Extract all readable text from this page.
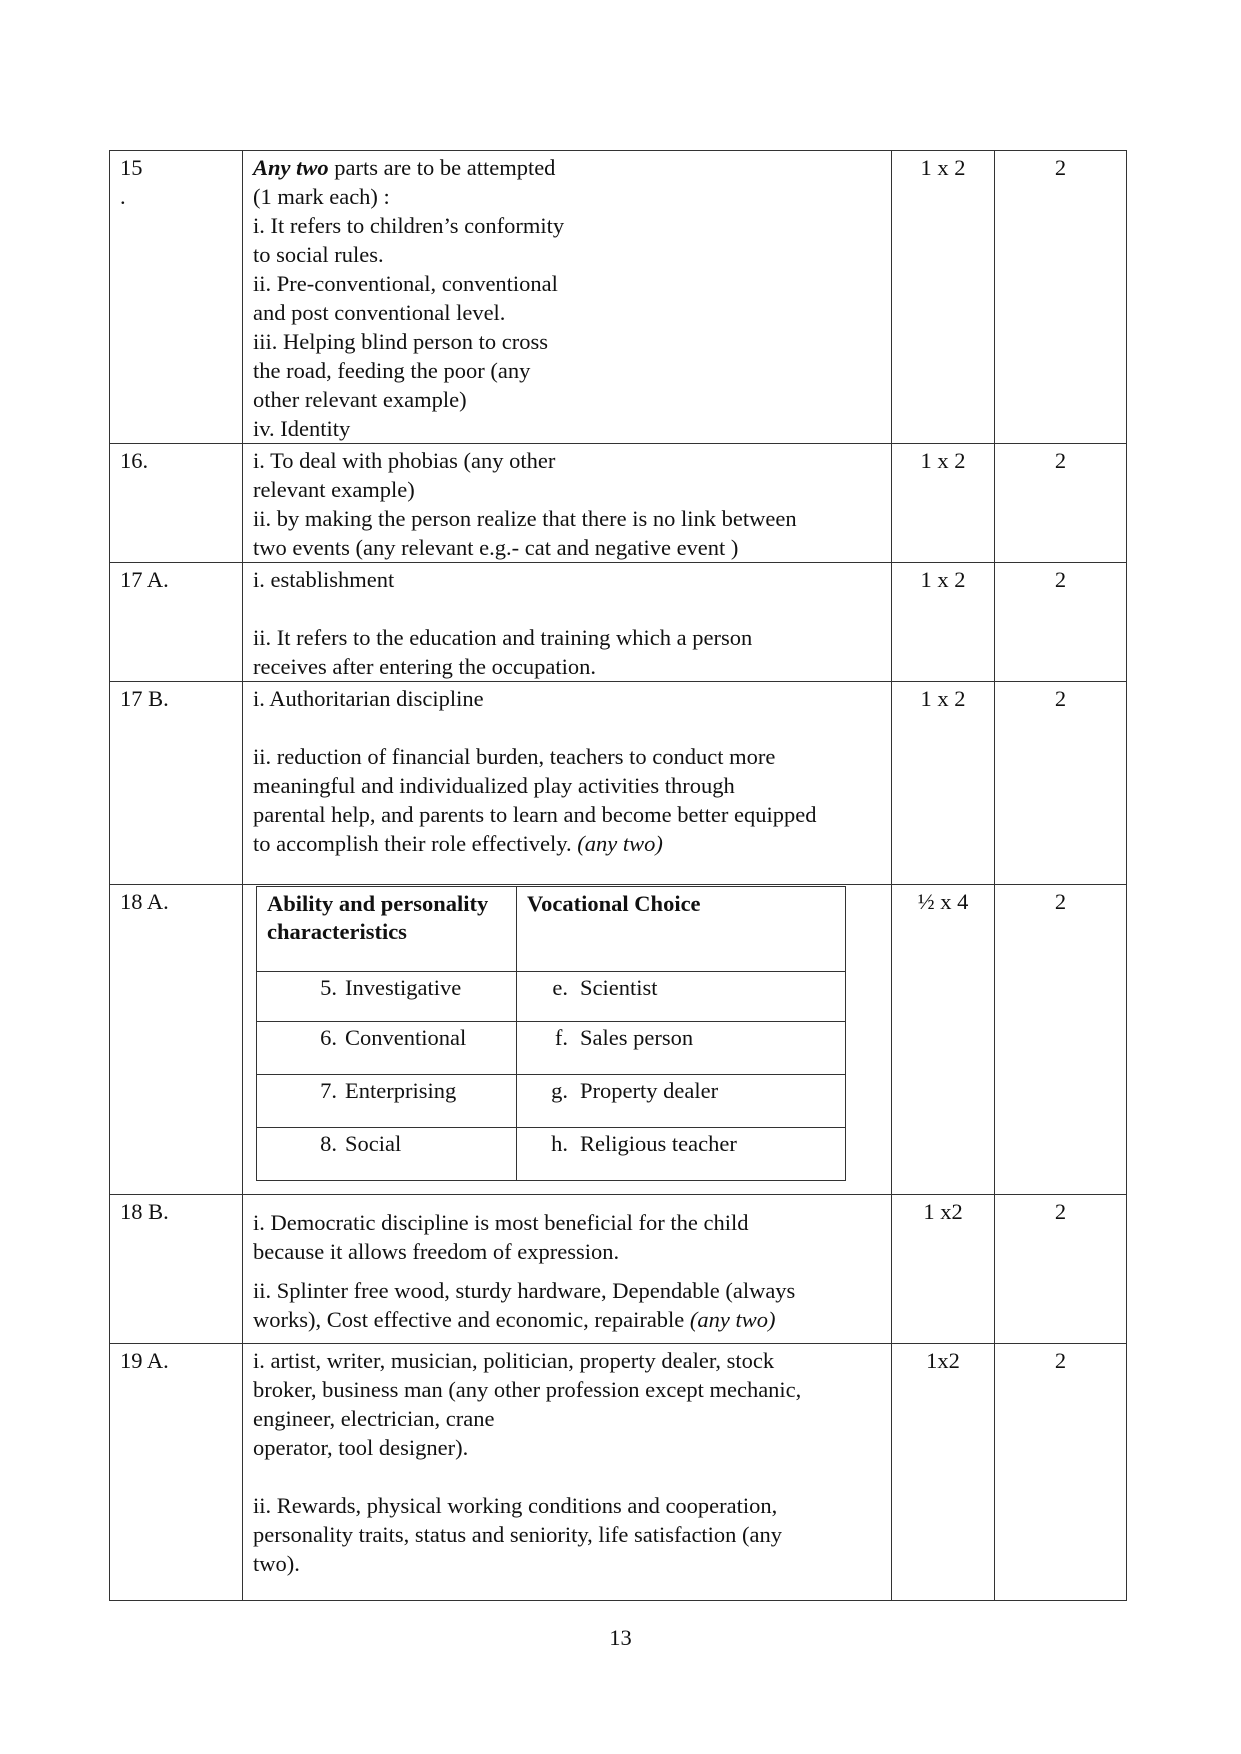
15
.

Any two parts are to be attempted
(1 mark each) :
i. It refers to children’s conformity
to social rules.
ii. Pre-conventional, conventional
and post conventional level.
iii. Helping blind person to cross
the road, feeding the poor (any
other relevant example)
iv. Identity
	1 x 2	2
16.	i. To deal with phobias (any other
relevant example)
ii. by making the person realize that there is no link between
two events (any relevant e.g.- cat and negative event )
	1 x 2	2
17 A.	i. establishment
ii. It refers to the education and training which a person
receives after entering the occupation.
	1 x 2	2
17 B.	i. Authoritarian discipline
ii. reduction of financial burden, teachers to conduct more
meaningful and individualized play activities through
parental help, and parents to learn and become better equipped
to accomplish their role effectively. (any two)
	1 x 2	2
18 A.		Ability and personality characteristics	Vocational Choice
5. Investigative	e. Scientist
6. Conventional	f. Sales person
7. Enterprising	g. Property dealer
8. Social	h. Religious teacher
	½ x 4	2
18 B.	i. Democratic discipline is most beneficial for the child
because it allows freedom of expression.
ii. Splinter free wood, sturdy hardware, Dependable (always
works), Cost effective and economic, repairable (any two)
	1 x2	2
19 A.	i. artist, writer, musician, politician, property dealer, stock
broker, business man (any other profession except mechanic,
engineer, electrician, crane
operator, tool designer).
ii. Rewards, physical working conditions and cooperation,
personality traits, status and seniority, life satisfaction (any
two).
	1x2	2
13
